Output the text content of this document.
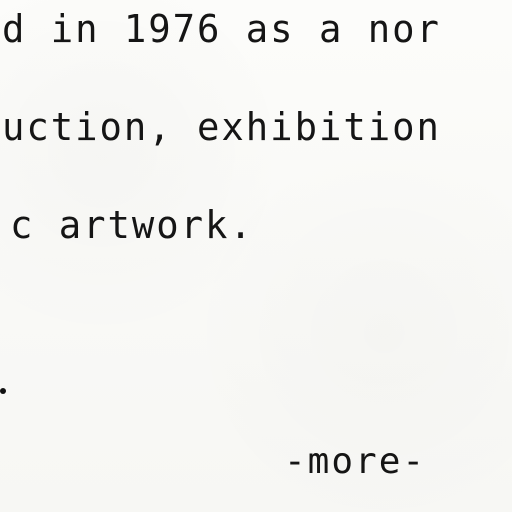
d in 1976 as a nor
uction, exhibition
c artwork.
-more-
